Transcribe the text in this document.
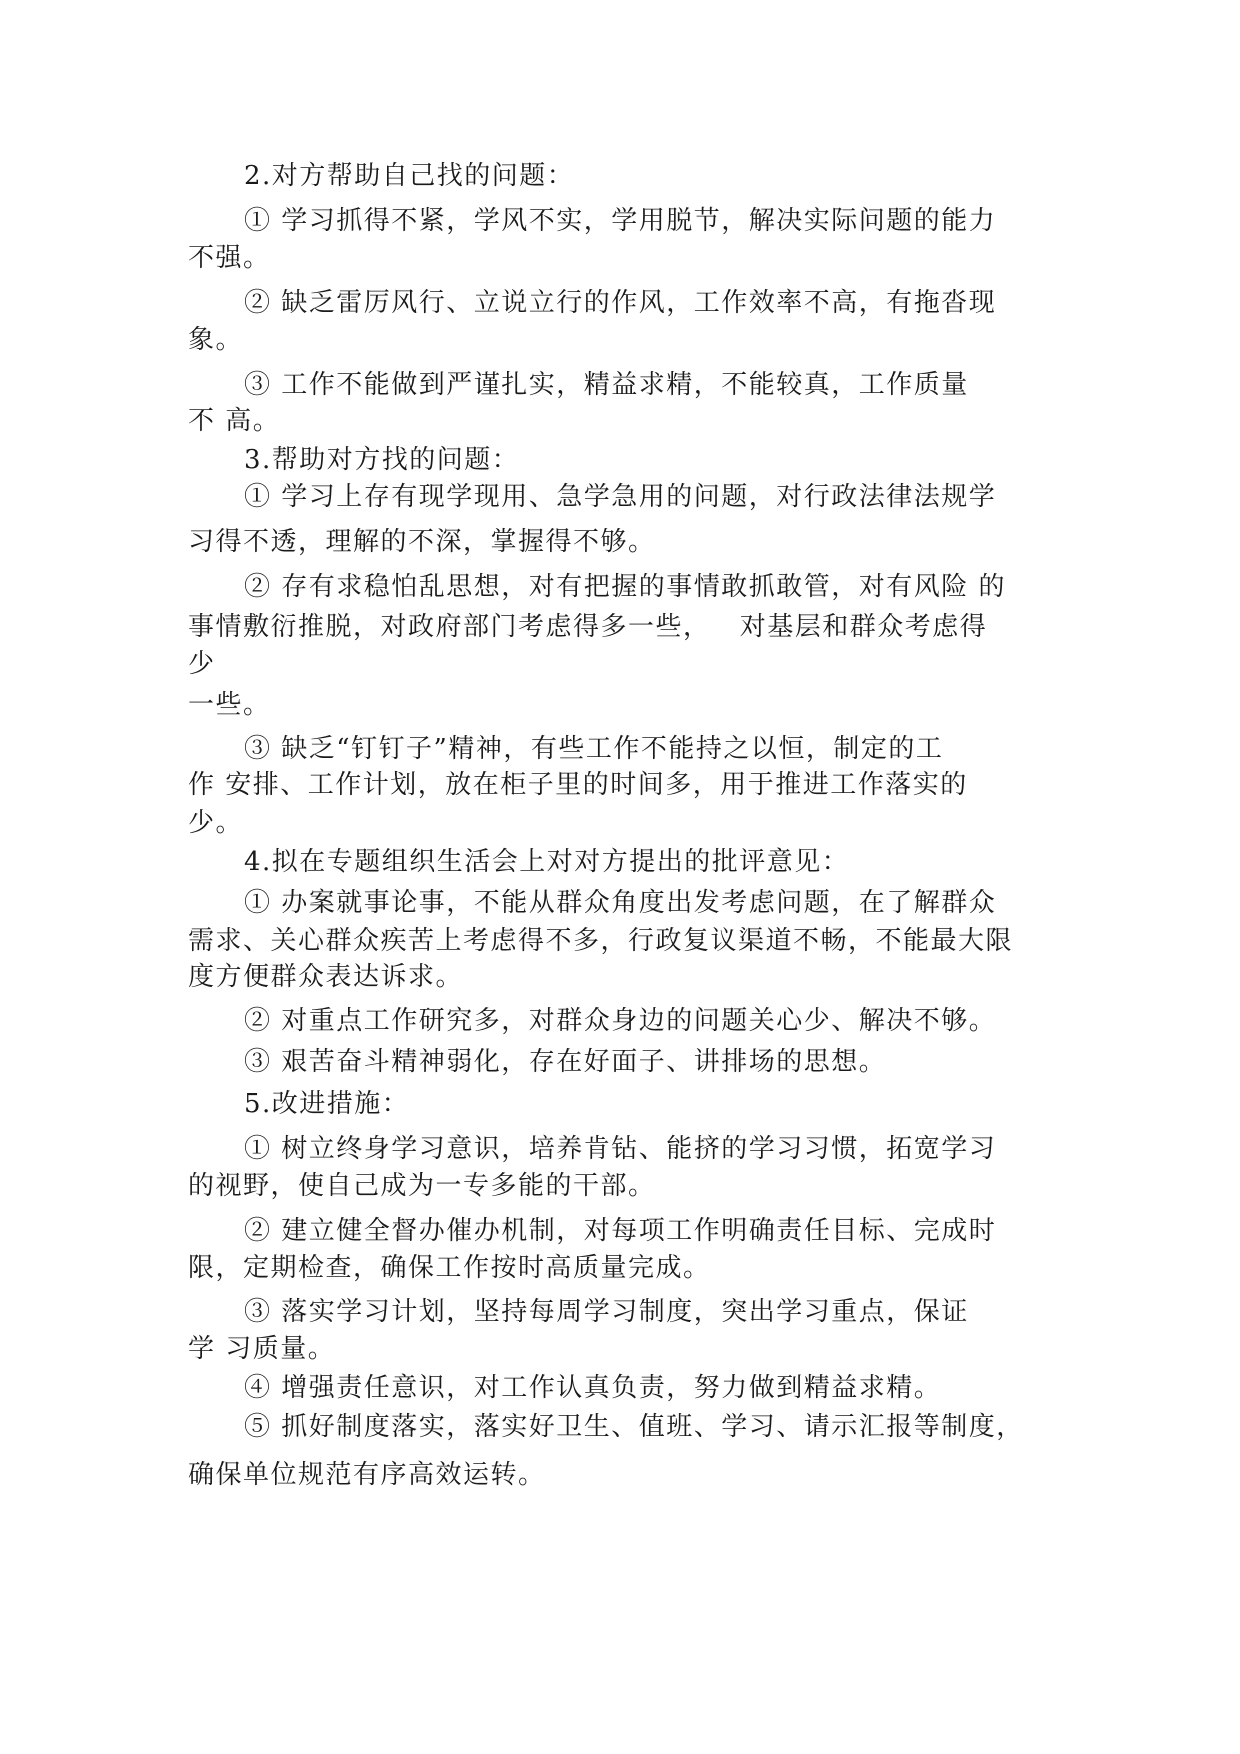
2.对方帮助自己找的问题：

① 学习抓得不紧，学风不实，学用脱节，解决实际问题的能力

不强。

② 缺乏雷厉风行、立说立行的作风，工作效率不高，有拖沓现

象。

③ 工作不能做到严谨扎实，精益求精，不能较真，工作质量

不 高。

3.帮助对方找的问题：

① 学习上存有现学现用、急学急用的问题，对行政法律法规学

习得不透，理解的不深，掌握得不够。

② 存有求稳怕乱思想，对有把握的事情敢抓敢管，对有风险 的

事情敷衍推脱，对政府部门考虑得多一些，   对基层和群众考虑得

少

一些。

③ 缺乏“钉钉子”精神，有些工作不能持之以恒，制定的工

作 安排、工作计划，放在柜子里的时间多，用于推进工作落实的

少。

4.拟在专题组织生活会上对对方提出的批评意见：

① 办案就事论事，不能从群众角度出发考虑问题，在了解群众

需求、关心群众疾苦上考虑得不多，行政复议渠道不畅，不能最大限

度方便群众表达诉求。

② 对重点工作研究多，对群众身边的问题关心少、解决不够。

③ 艰苦奋斗精神弱化，存在好面子、讲排场的思想。

5.改进措施：

① 树立终身学习意识，培养肯钻、能挤的学习习惯，拓宽学习

的视野，使自己成为一专多能的干部。

② 建立健全督办催办机制，对每项工作明确责任目标、完成时

限，定期检查，确保工作按时高质量完成。

③ 落实学习计划，坚持每周学习制度，突出学习重点，保证

学 习质量。

④ 增强责任意识，对工作认真负责，努力做到精益求精。

⑤ 抓好制度落实，落实好卫生、值班、学习、请示汇报等制度，

确保单位规范有序高效运转。
